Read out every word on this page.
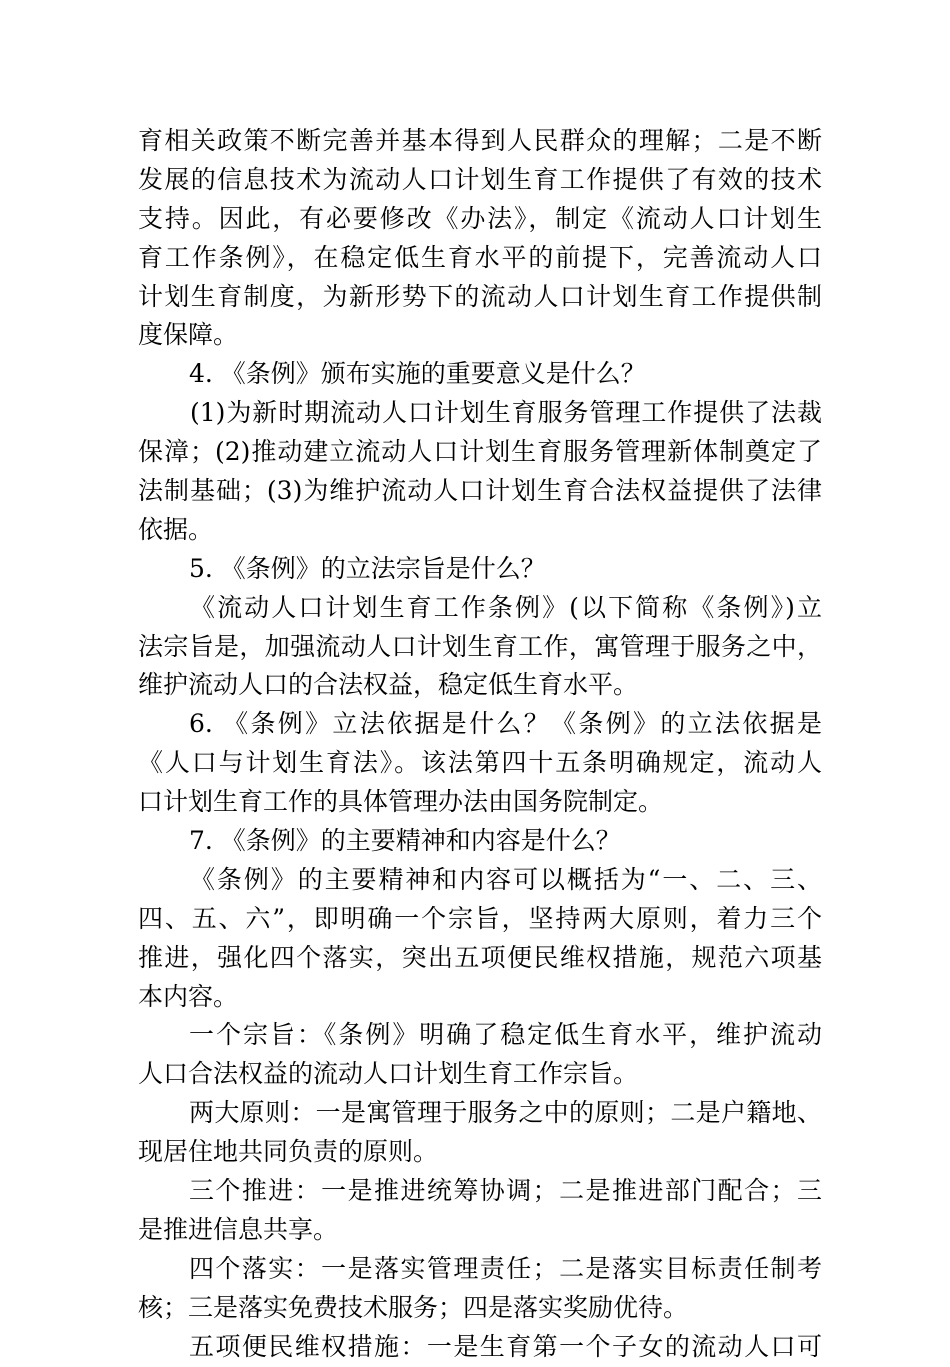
育相关政策不断完善并基本得到人民群众的理解；二是不断
发展的信息技术为流动人口计划生育工作提供了有效的技术
支持。因此，有必要修改《办法》，制定《流动人口计划生
育工作条例》，在稳定低生育水平的前提下，完善流动人口
计划生育制度，为新形势下的流动人口计划生育工作提供制
度保障。
4. 《条例》颁布实施的重要意义是什么？
(1)为新时期流动人口计划生育服务管理工作提供了法裁
保漳；(2)推动建立流动人口计划生育服务管理新体制奠定了
法制基础；(3)为维护流动人口计划生育合法权益提供了法律
依据。
5. 《条例》的立法宗旨是什么？
《流动人口计划生育工作条例》(以下简称《条例》)立
法宗旨是，加强流动人口计划生育工作，寓管理于服务之中，
维护流动人口的合法权益，稳定低生育水平。
6. 《条例》立法依据是什么？《条例》的立法依据是
《人口与计划生育法》。该法第四十五条明确规定，流动人
口计划生育工作的具体管理办法由国务院制定。
7. 《条例》的主要精神和内容是什么？
《条例》的主要精神和内容可以概括为“一、二、三、
四、五、六”，即明确一个宗旨，坚持两大原则，着力三个
推进，强化四个落实，突出五项便民维权措施，规范六项基
本内容。
一个宗旨：《条例》明确了稳定低生育水平，维护流动
人口合法权益的流动人口计划生育工作宗旨。
两大原则：一是寓管理于服务之中的原则；二是户籍地、
现居住地共同负责的原则。
三个推进：一是推进统筹协调；二是推进部门配合；三
是推进信息共享。
四个落实：一是落实管理责任；二是落实目标责任制考
核；三是落实免费技术服务；四是落实奖励优待。
五项便民维权措施：一是生育第一个子女的流动人口可
